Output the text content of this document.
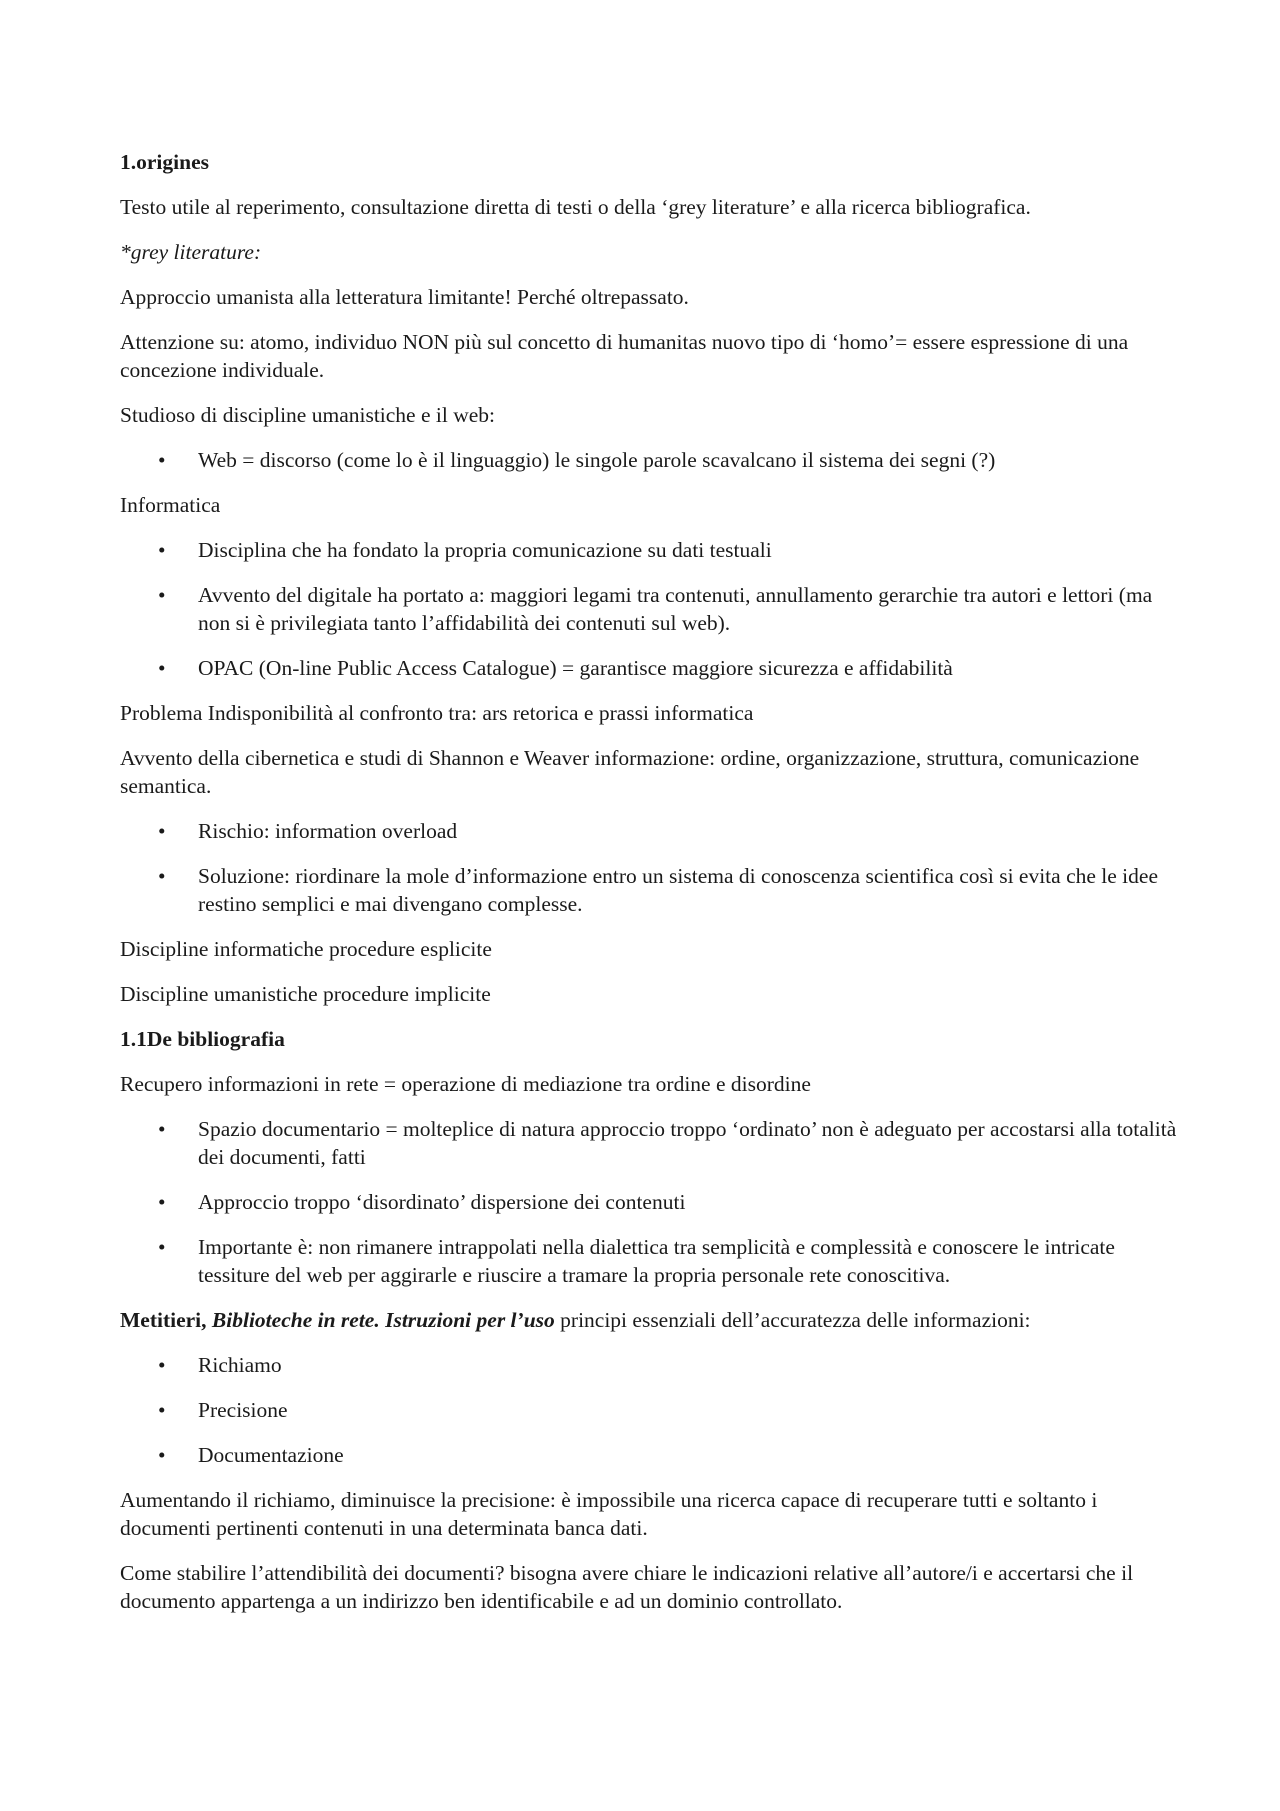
1.origines
Testo utile al reperimento, consultazione diretta di testi o della ‘grey literature’ e alla ricerca bibliografica.
*grey literature:
Approccio umanista alla letteratura limitante! Perché oltrepassato.
Attenzione su: atomo, individuo NON più sul concetto di humanitas nuovo tipo di ‘homo’= essere espressione di una concezione individuale.
Studioso di discipline umanistiche e il web:
• Web = discorso (come lo è il linguaggio) le singole parole scavalcano il sistema dei segni (?)
Informatica
• Disciplina che ha fondato la propria comunicazione su dati testuali
• Avvento del digitale ha portato a: maggiori legami tra contenuti, annullamento gerarchie tra autori e lettori (ma non si è privilegiata tanto l’affidabilità dei contenuti sul web).
• OPAC (On-line Public Access Catalogue) = garantisce maggiore sicurezza e affidabilità
Problema Indisponibilità al confronto tra: ars retorica e prassi informatica
Avvento della cibernetica e studi di Shannon e Weaver informazione: ordine, organizzazione, struttura, comunicazione semantica.
• Rischio: information overload
• Soluzione: riordinare la mole d’informazione entro un sistema di conoscenza scientifica così si evita che le idee restino semplici e mai divengano complesse.
Discipline informatiche procedure esplicite
Discipline umanistiche procedure implicite
1.1De bibliografia
Recupero informazioni in rete = operazione di mediazione tra ordine e disordine
• Spazio documentario = molteplice di natura approccio troppo ‘ordinato’ non è adeguato per accostarsi alla totalità dei documenti, fatti
• Approccio troppo ‘disordinato’ dispersione dei contenuti
• Importante è: non rimanere intrappolati nella dialettica tra semplicità e complessità e conoscere le intricate tessiture del web per aggirarle e riuscire a tramare la propria personale rete conoscitiva.
Metitieri, Biblioteche in rete. Istruzioni per l’uso principi essenziali dell’accuratezza delle informazioni:
• Richiamo
• Precisione
• Documentazione
Aumentando il richiamo, diminuisce la precisione: è impossibile una ricerca capace di recuperare tutti e soltanto i documenti pertinenti contenuti in una determinata banca dati.
Come stabilire l’attendibilità dei documenti? bisogna avere chiare le indicazioni relative all’autore/i e accertarsi che il documento appartenga a un indirizzo ben identificabile e ad un dominio controllato.
